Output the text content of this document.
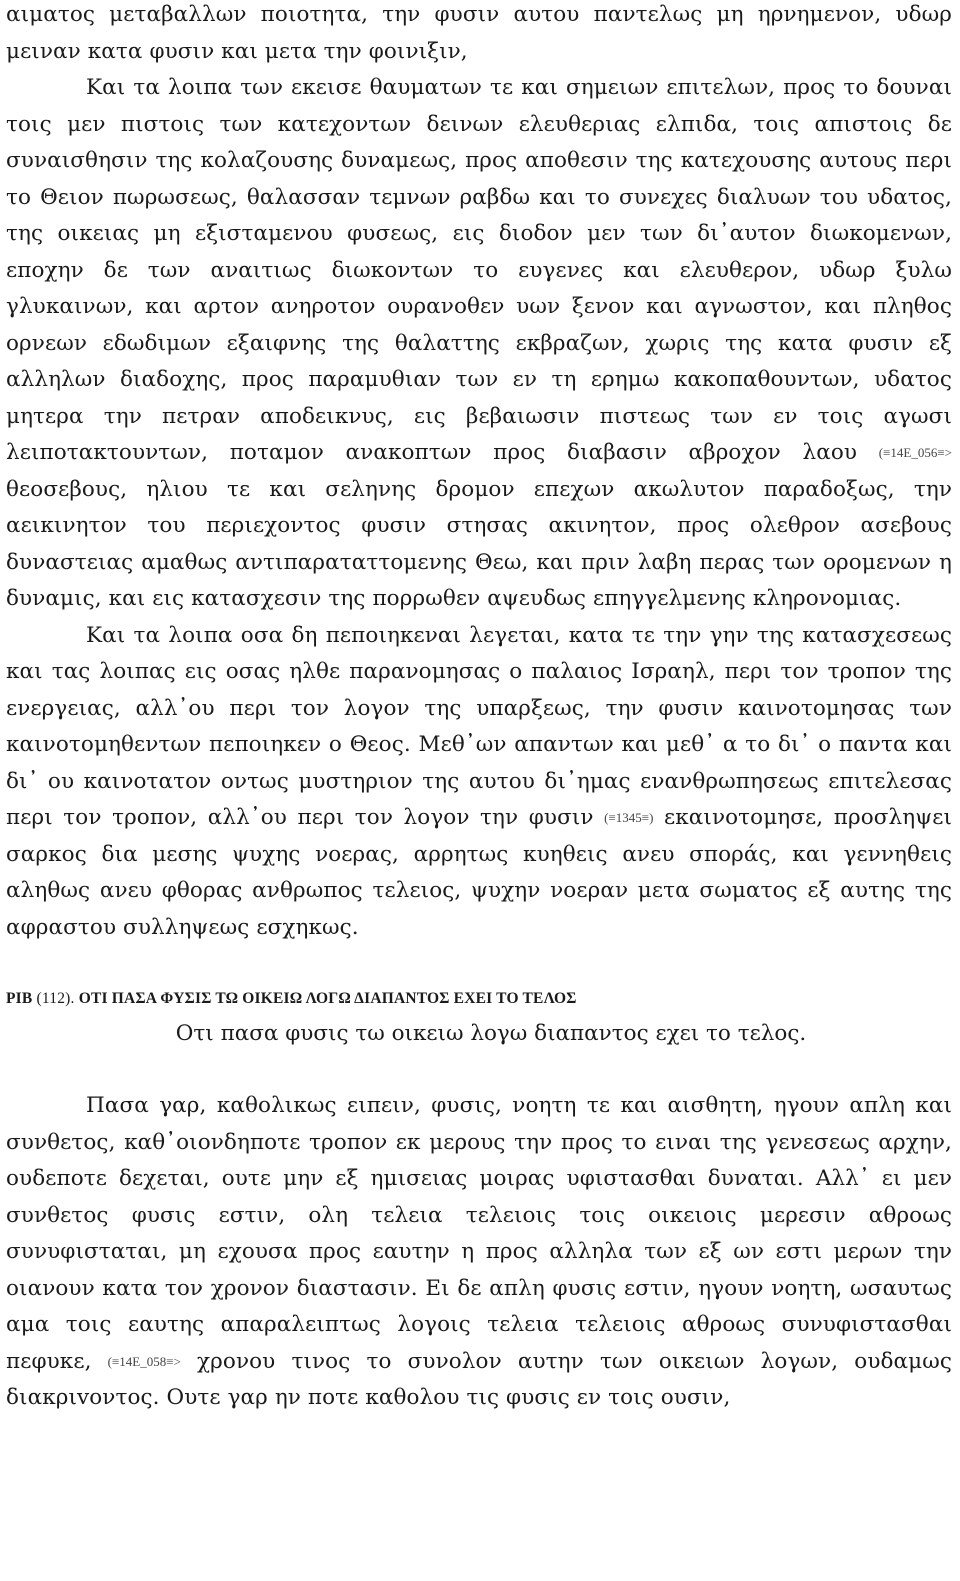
αιματος μεταβαλλων ποιοτητα, την φυσιν αυτου παντελως μη ηρνημενον, υδωρ μειναν κατα φυσιν και μετα την φοινιξιν,

Και τα λοιπα των εκεισε θαυματων τε και σημειων επιτελων, προς το δουναι τοις μεν πιστοις των κατεχοντων δεινων ελευθεριας ελπιδα, τοις απιστοις δε συναισθησιν της κολαζουσης δυναμεως, προς αποθεσιν της κατεχουσης αυτους περι το Θειον πωρωσεως, θαλασσαν τεμνων ραβδω και το συνεχες διαλυων του υδατος, της οικειας μη εξισταμενου φυσεως, εις διοδον μεν των δι᾿αυτον διωκομενων, εποχην δε των αναιτιως διωκοντων το ευγενες και ελευθερον, υδωρ ξυλω γλυκαινων, και αρτον ανηροτον ουρανοθεν υων ξενον και αγνωστον, και πληθος ορνεων εδωδιμων εξαιφνης της θαλαττης εκβραζων, χωρις της κατα φυσιν εξ αλληλων διαδοχης, προς παραμυθιαν των εν τη ερημω κακοπαθουντων, υδατος μητερα την πετραν αποδεικνυς, εις βεβαιωσιν πιστεως των εν τοις αγωσι λειποτακτουντων, ποταμον ανακοπτων προς διαβασιν αβροχον λαου (≡14E_056≡> θεοσεβους, ηλιου τε και σεληνης δρομον επεχων ακωλυτον παραδοξως, την αεικινητον του περιεχοντος φυσιν στησας ακινητον, προς ολεθρον ασεβους δυναστειας αμαθως αντιπαραταττομενης Θεω, και πριν λαβη περας των ορομενων η δυναμις, και εις κατασχεσιν της πορρωθεν αψευδως επηγγελμενης κληρονομιας.

Και τα λοιπα οσα δη πεποιηκεναι λεγεται, κατα τε την γην της κατασχεσεως και τας λοιπας εις οσας ηλθε παρανομησας ο παλαιος Ισραηλ, περι τον τροπον της ενεργειας, αλλ᾿ου περι τον λογον της υπαρξεως, την φυσιν καινοτομησας των καινοτομηθεντων πεποιηκεν ο Θεος. Μεθ᾿ων απαντων και μεθ᾿ α το δι᾿ ο παντα και δι᾿ ου καινοτατον οντως μυστηριον της αυτου δι᾿ημας ενανθρωπησεως επιτελεσας περι τον τροπον, αλλ᾿ου περι τον λογον την φυσιν (≡1345≡) εκαινοτομησε, προσληψει σαρκος δια μεσης ψυχης νοερας, αρρητως κυηθεις ανευ σποράς, και γεννηθεις αληθως ανευ φθορας ανθρωπος τελειος, ψυχην νοεραν μετα σωματος εξ αυτης της αφραστου συλληψεως εσχηκως.

PIB (112). ΟΤΙ ΠΑΣΑ ΦΥΣΙΣ ΤΩ ΟΙΚΕΙΩ ΛΟΓΩ ΔΙΑΠΑΝΤΟΣ ΕΧΕΙ ΤΟ ΤΕΛΟΣ
Οτι πασα φυσις τω οικειω λογω διαπαντος εχει το τελος.

Πασα γαρ, καθολικως ειπειν, φυσις, νοητη τε και αισθητη, ηγουν απλη και συνθετος, καθ᾿οιονδηποτε τροπον εκ μερους την προς το ειναι της γενεσεως αρχην, ουδεποτε δεχεται, ουτε μην εξ ημισειας μοιρας υφιστασθαι δυναται. Αλλ᾿ ει μεν συνθετος φυσις εστιν, ολη τελεια τελειοις τοις οικειοις μερεσιν αθροως συνυφισταται, μη εχουσα προς εαυτην η προς αλληλα των εξ ων εστι μερων την οιανουν κατα τον χρονον διαστασιν. Ει δε απλη φυσις εστιν, ηγουν νοητη, ωσαυτως αμα τοις εαυτης απαραλειπτως λογοις τελεια τελειοις αθροως συνυφιστασθαι πεφυκε, (≡14E_058≡> χρονου τινος το συνολον αυτην των οικειων λογων, ουδαμως διακριvοντος. Ουτε γαρ ην ποτε καθολου τις φυσις εν τοις ουσιν,
